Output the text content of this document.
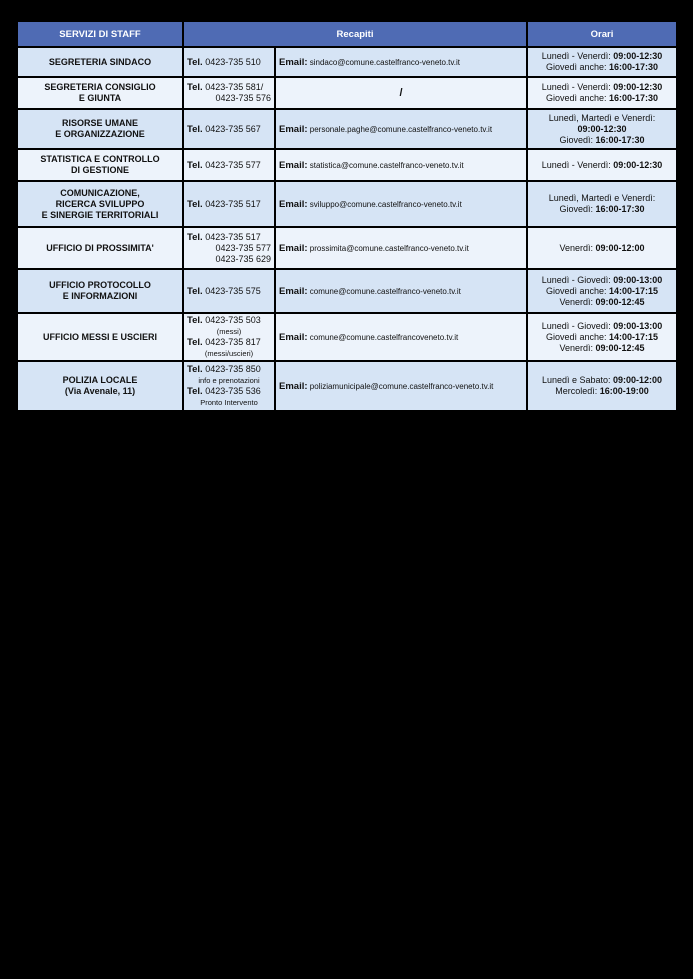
SERVIZI DI STAFF	Recapiti		Orari
SEGRETERIA SINDACO	Tel. 0423-735 510	Email: sindaco@comune.castelfranco-veneto.tv.it	Lunedì - Venerdì: 09:00-12:30
Giovedì anche: 16:00-17:30

SEGRETERIA CONSIGLIO
E GIUNTA	Tel. 0423-735 581/
0423-735 576	/	Lunedì - Venerdì: 09:00-12:30
Giovedì anche: 16:00-17:30

RISORSE UMANE
E ORGANIZZAZIONE	Tel. 0423-735 567	Email: personale.paghe@comune.castelfranco-veneto.tv.it	Lunedì, Martedì e Venerdì:
09:00-12:30
Giovedì: 16:00-17:30

STATISTICA E CONTROLLO
DI GESTIONE	Tel. 0423-735 577	Email: statistica@comune.castelfranco-veneto.tv.it	Lunedì - Venerdì: 09:00-12:30

COMUNICAZIONE,
RICERCA SVILUPPO
E SINERGIE TERRITORIALI	Tel. 0423-735 517	Email: sviluppo@comune.castelfranco-veneto.tv.it	Lunedì, Martedì e Venerdì:
Giovedì: 16:00-17:30

UFFICIO DI PROSSIMITA'	Tel. 0423-735 517
0423-735 577
0423-735 629	Email: prossimita@comune.castelfranco-veneto.tv.it	Venerdì: 09:00-12:00

UFFICIO PROTOCOLLO
E INFORMAZIONI	Tel. 0423-735 575	Email: comune@comune.castelfranco-veneto.tv.it	Lunedì - Giovedì: 09:00-13:00
Giovedì anche: 14:00-17:15
Venerdì: 09:00-12:45

UFFICIO MESSI E USCIERI	Tel. 0423-735 503
(messi)
Tel. 0423-735 817
(messi/uscieri)	Email: comune@comune.castelfrancoveneto.tv.it	Lunedì - Giovedì: 09:00-13:00
Giovedì anche: 14:00-17:15
Venerdì: 09:00-12:45

POLIZIA LOCALE
(Via Avenale, 11)	Tel. 0423-735 850
info e prenotazioni
Tel. 0423-735 536
Pronto Intervento	Email: poliziamunicipale@comune.castelfranco-veneto.tv.it	Lunedì e Sabato: 09:00-12:00
Mercoledì: 16:00-19:00
